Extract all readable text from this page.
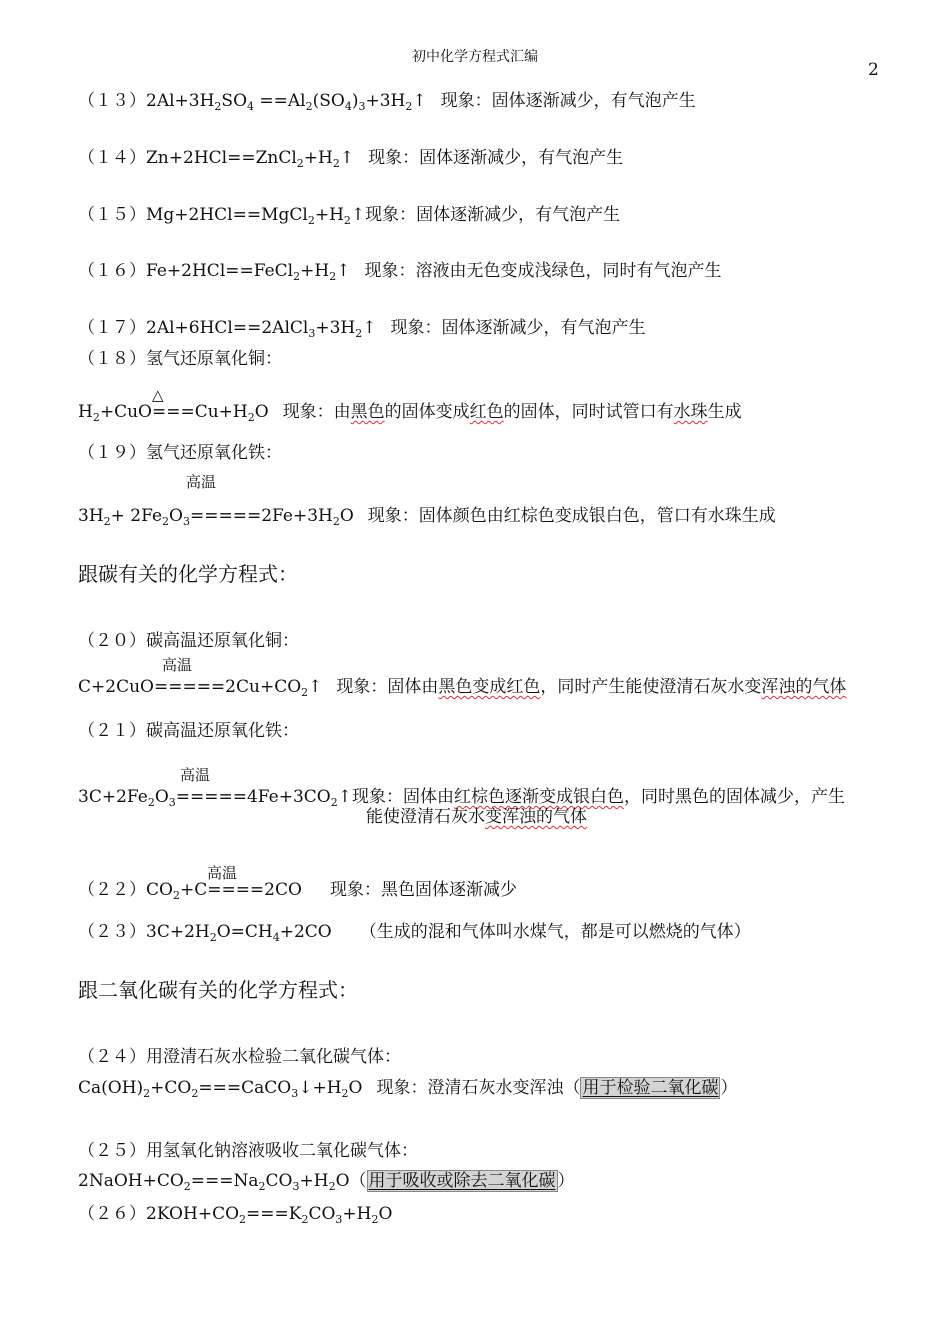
初中化学方程式汇编
2
$(13)2Al+3H_2SO_4$ $==Al_2(SO_4)_3+3H_2↑$ 现象：固体逐渐减少，有气泡产生
$(14)Zn+2HCl==ZnCl_2+H_2↑$ 现象：固体逐渐减少，有气泡产生
$(15)Mg+2HCl==MgCl_2+H_2↑$现象：固体逐渐减少，有气泡产生
$(16)Fe+2HCl==FeCl_2+H_2↑$ 现象：溶液由无色变成浅绿色，同时有气泡产生
$(17)2Al+6HCl==2AlCl_3+3H_2↑$ 现象：固体逐渐减少，有气泡产生
（１８）氢气还原氧化铜：
△
$H_2+CuO===Cu+H_2O$ 现象：由黑色的固体变成红色的固体，同时试管口有水珠生成
（１９）氢气还原氧化铁：
高温
$3H_2+ 2Fe_2O_3=====2Fe+3H_2O$ 现象：固体颜色由红棕色变成银白色，管口有水珠生成
跟碳有关的化学方程式：
（２０）碳高温还原氧化铜：
高温
$C+2CuO=====2Cu+CO_2↑$ 现象：固体由黑色变成红色，同时产生能使澄清石灰水变浑浊的气体
（２１）碳高温还原氧化铁：
高温
$3C+2Fe_2O_3=====4Fe+3CO_2↑$现象：固体由红棕色逐渐变成银白色，同时黑色的固体减少，产生
能使澄清石灰水变浑浊的气体
高温
$(22)CO_2+C====2CO$ 现象：黑色固体逐渐减少
$(23)3C+2H_2O=CH_4+2CO$ （生成的混和气体叫水煤气，都是可以燃烧的气体）
跟二氧化碳有关的化学方程式：
（２４）用澄清石灰水检验二氧化碳气体：
$Ca(OH)_2+CO_2===CaCO_3↓+H_2O$ 现象：澄清石灰水变浑浊（ 用于检验二氧化碳 ）
（２５）用氢氧化钠溶液吸收二氧化碳气体：
$2NaOH+CO_2===Na_2CO_3+H_2O$（ 用于吸收或除去二氧化碳 ）
$(26)2KOH+CO_2===K_2CO_3+H_2O$
